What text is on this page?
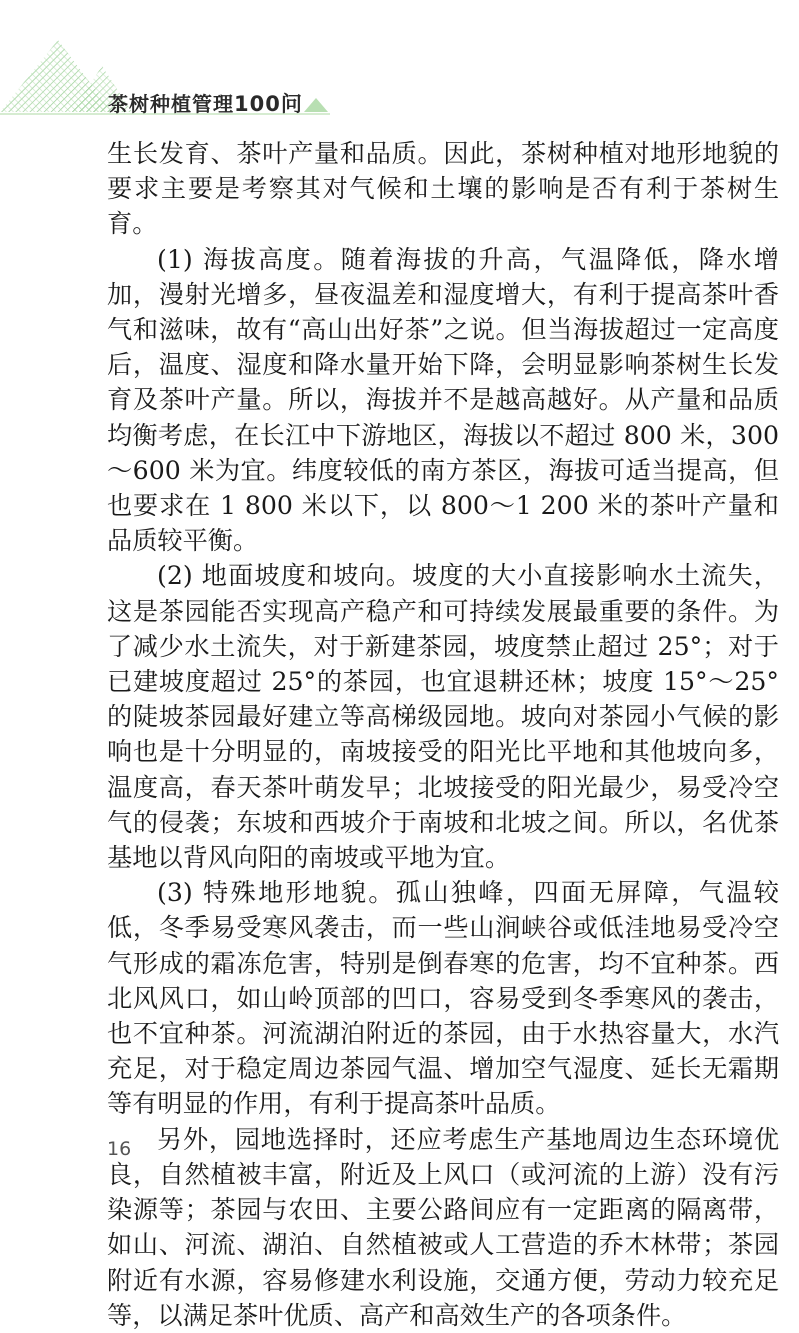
茶树种植管理100问

生长发育、茶叶产量和品质。因此，茶树种植对地形地貌的要求主要是考察其对气候和土壤的影响是否有利于茶树生育。

(1) 海拔高度。随着海拔的升高，气温降低，降水增加，漫射光增多，昼夜温差和湿度增大，有利于提高茶叶香气和滋味，故有“高山出好茶”之说。但当海拔超过一定高度后，温度、湿度和降水量开始下降，会明显影响茶树生长发育及茶叶产量。所以，海拔并不是越高越好。从产量和品质均衡考虑，在长江中下游地区，海拔以不超过 800 米，300～600 米为宜。纬度较低的南方茶区，海拔可适当提高，但也要求在 1 800 米以下，以 800～1 200 米的茶叶产量和品质较平衡。

(2) 地面坡度和坡向。坡度的大小直接影响水土流失，这是茶园能否实现高产稳产和可持续发展最重要的条件。为了减少水土流失，对于新建茶园，坡度禁止超过 25°；对于已建坡度超过 25°的茶园，也宜退耕还林；坡度 15°～25°的陡坡茶园最好建立等高梯级园地。坡向对茶园小气候的影响也是十分明显的，南坡接受的阳光比平地和其他坡向多，温度高，春天茶叶萌发早；北坡接受的阳光最少，易受冷空气的侵袭；东坡和西坡介于南坡和北坡之间。所以，名优茶基地以背风向阳的南坡或平地为宜。

(3) 特殊地形地貌。孤山独峰，四面无屏障，气温较低，冬季易受寒风袭击，而一些山涧峡谷或低洼地易受冷空气形成的霜冻危害，特别是倒春寒的危害，均不宜种茶。西北风风口，如山岭顶部的凹口，容易受到冬季寒风的袭击，也不宜种茶。河流湖泊附近的茶园，由于水热容量大，水汽充足，对于稳定周边茶园气温、增加空气湿度、延长无霜期等有明显的作用，有利于提高茶叶品质。

另外，园地选择时，还应考虑生产基地周边生态环境优良，自然植被丰富，附近及上风口（或河流的上游）没有污染源等；茶园与农田、主要公路间应有一定距离的隔离带，如山、河流、湖泊、自然植被或人工营造的乔木林带；茶园附近有水源，容易修建水利设施，交通方便，劳动力较充足等，以满足茶叶优质、高产和高效生产的各项条件。

16
